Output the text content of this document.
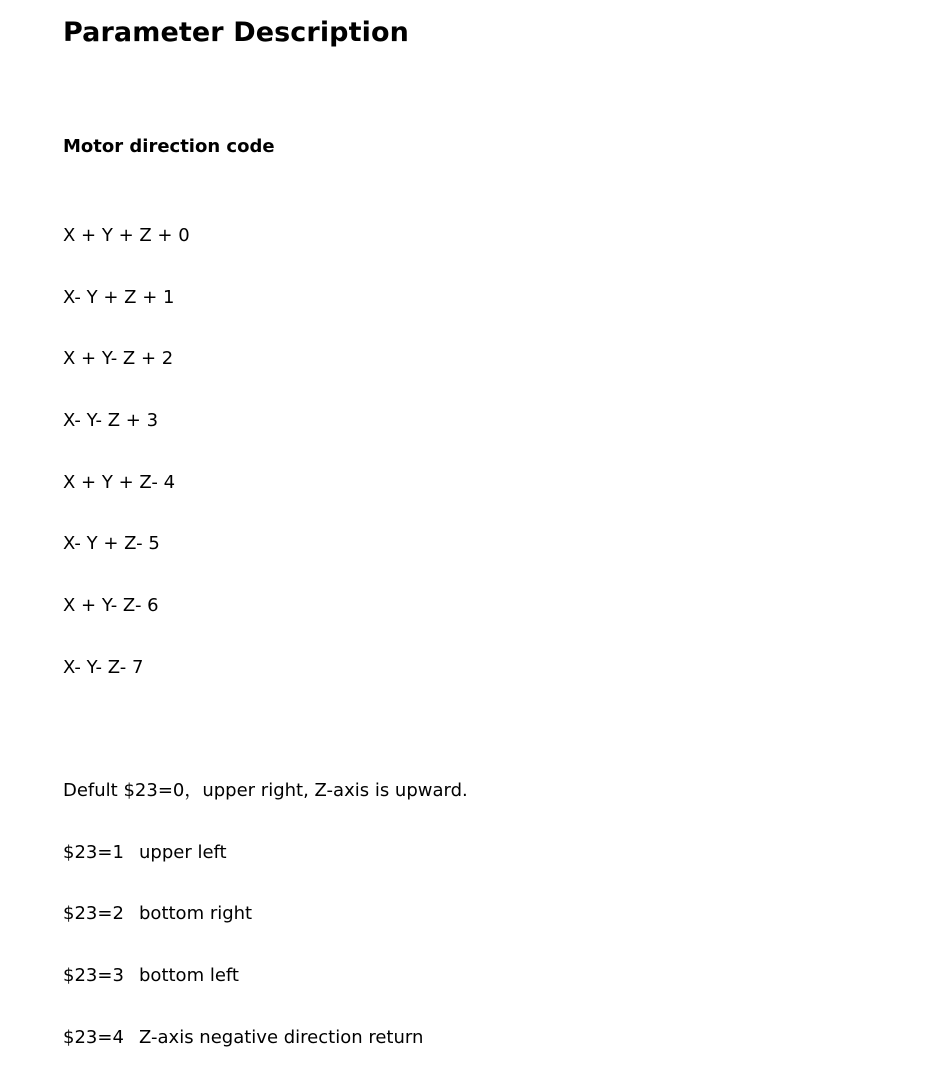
Parameter Description
Motor direction code
X + Y + Z + 0
X- Y + Z + 1
X + Y- Z + 2
X- Y- Z + 3
X + Y + Z- 4
X- Y + Z- 5
X + Y- Z- 6
X- Y- Z- 7
Defult $23=0，upper right, Z-axis is upward.
$23=1 upper left
$23=2 bottom right
$23=3 bottom left
$23=4 Z-axis negative direction return
